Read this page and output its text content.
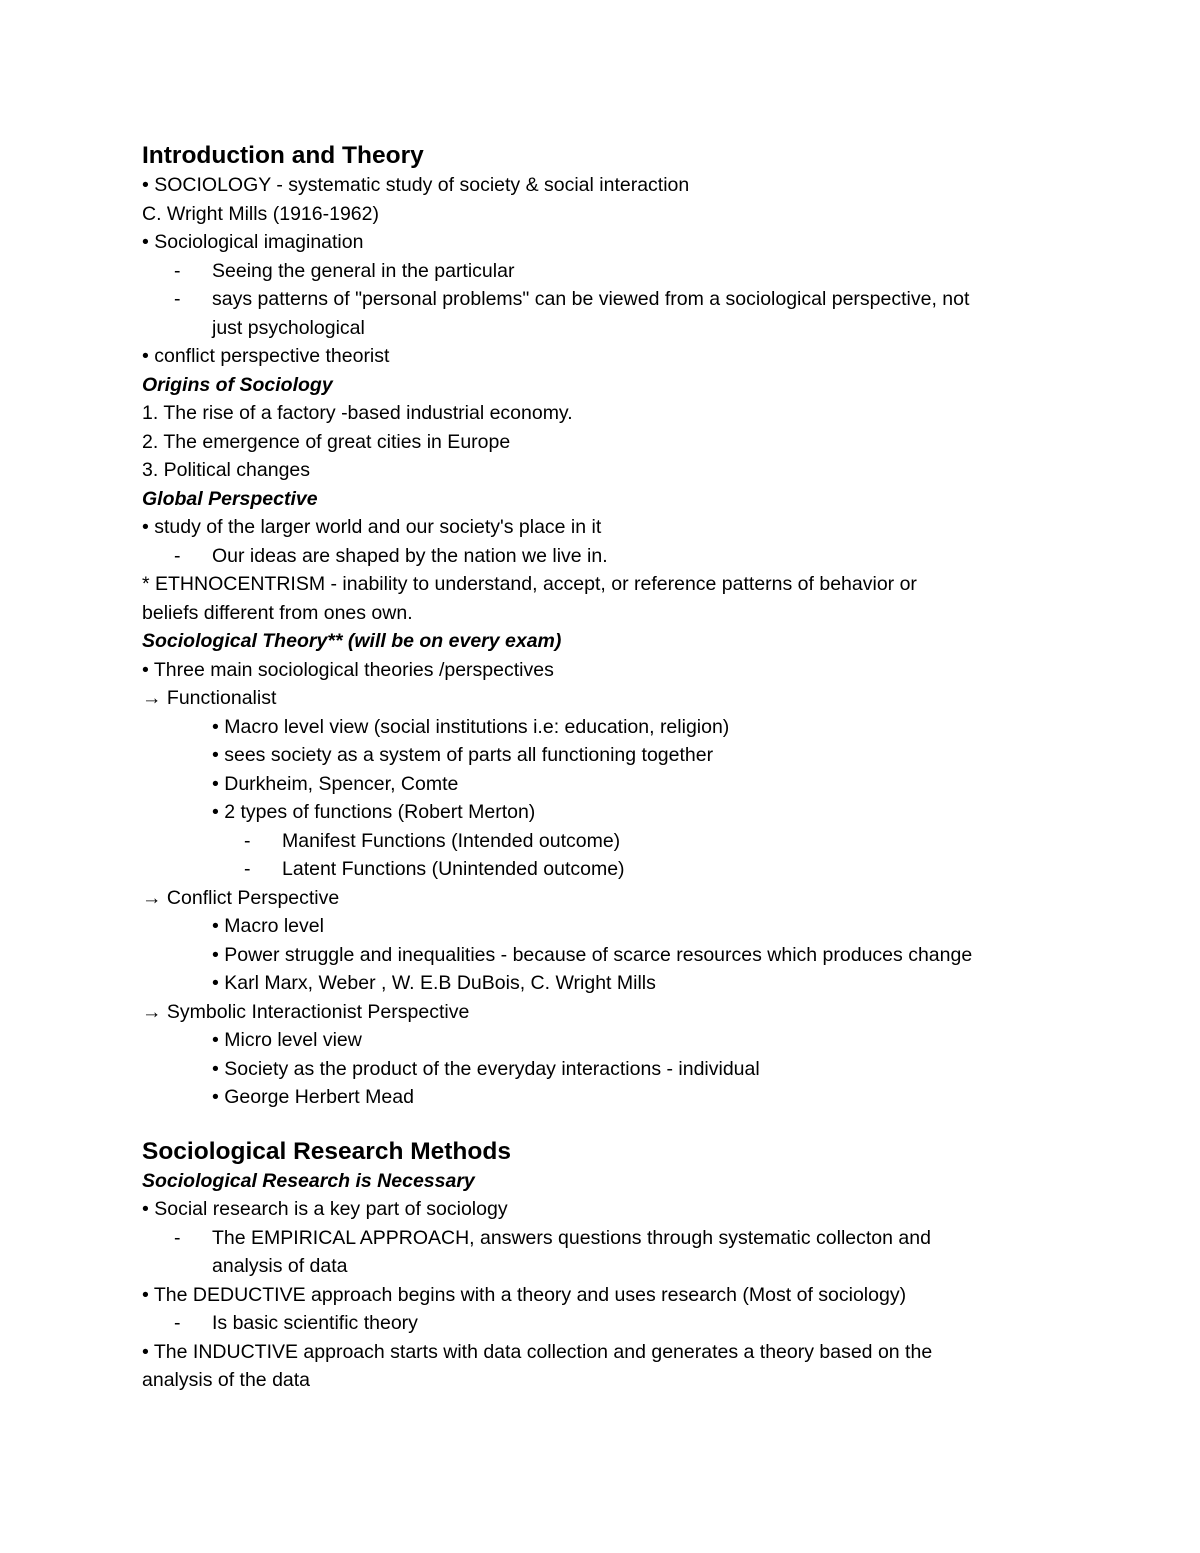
Introduction and Theory
• SOCIOLOGY - systematic study of society & social interaction
C. Wright Mills (1916-1962)
• Sociological imagination
- Seeing the general in the particular
- says patterns of "personal problems" can be viewed from a sociological perspective, not
just psychological
• conflict perspective theorist
Origins of Sociology
1. The rise of a factory -based industrial economy.
2. The emergence of great cities in Europe
3. Political changes
Global Perspective
• study of the larger world and our society's place in it
- Our ideas are shaped by the nation we live in.
* ETHNOCENTRISM - inability to understand, accept, or reference patterns of behavior or
beliefs different from ones own.
Sociological Theory** (will be on every exam)
• Three main sociological theories /perspectives
→ Functionalist
• Macro level view (social institutions i.e: education, religion)
• sees society as a system of parts all functioning together
• Durkheim, Spencer, Comte
• 2 types of functions (Robert Merton)
- Manifest Functions (Intended outcome)
- Latent Functions (Unintended outcome)
→ Conflict Perspective
• Macro level
• Power struggle and inequalities - because of scarce resources which produces change
• Karl Marx, Weber , W. E.B DuBois, C. Wright Mills
→ Symbolic Interactionist Perspective
• Micro level view
• Society as the product of the everyday interactions - individual
• George Herbert Mead
Sociological Research Methods
Sociological Research is Necessary
• Social research is a key part of sociology
- The EMPIRICAL APPROACH, answers questions through systematic collecton and
analysis of data
• The DEDUCTIVE approach begins with a theory and uses research (Most of sociology)
- Is basic scientific theory
• The INDUCTIVE approach starts with data collection and generates a theory based on the
analysis of the data
